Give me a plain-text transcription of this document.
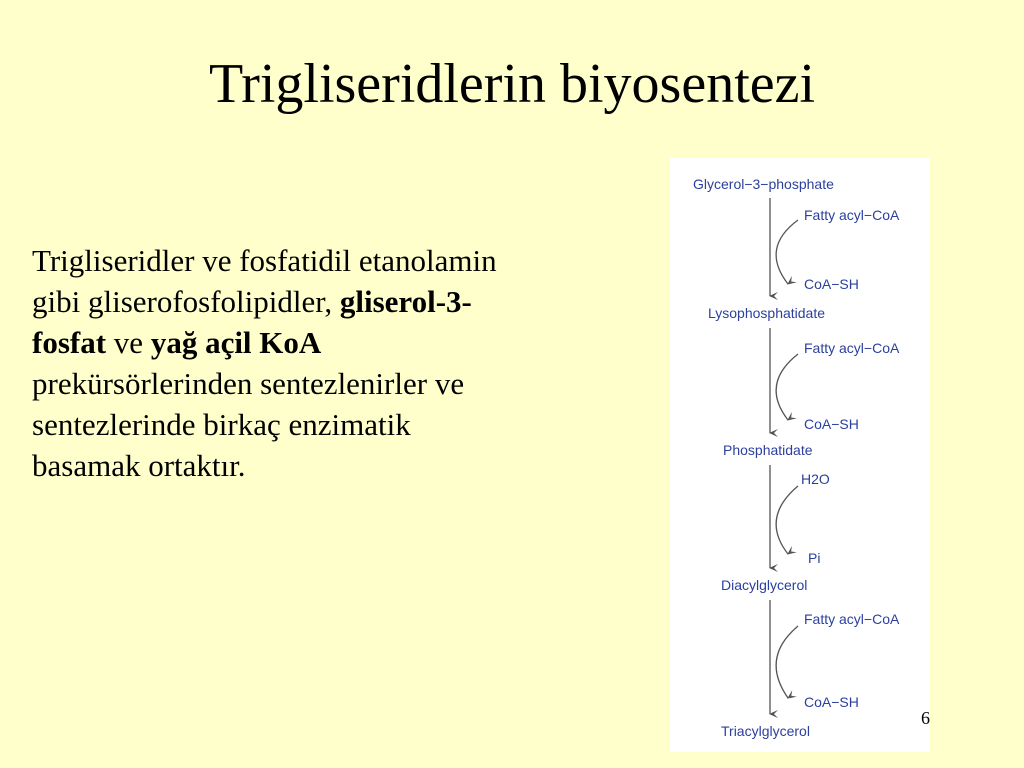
Trigliseridlerin biyosentezi
Trigliseridler ve fosfatidil etanolamin gibi gliserofosfolipidler, gliserol-3-fosfat ve yağ açil KoA prekürsörlerinden sentezlenirler ve sentezlerinde birkaç enzimatik basamak ortaktır.
Glycerol−3−phosphate
Lysophosphatidate
Phosphatidate
Diacylglycerol
Triacylglycerol
Fatty acyl−CoA
CoA−SH
Fatty acyl−CoA
CoA−SH
H2O
Pi
Fatty acyl−CoA
CoA−SH
6
